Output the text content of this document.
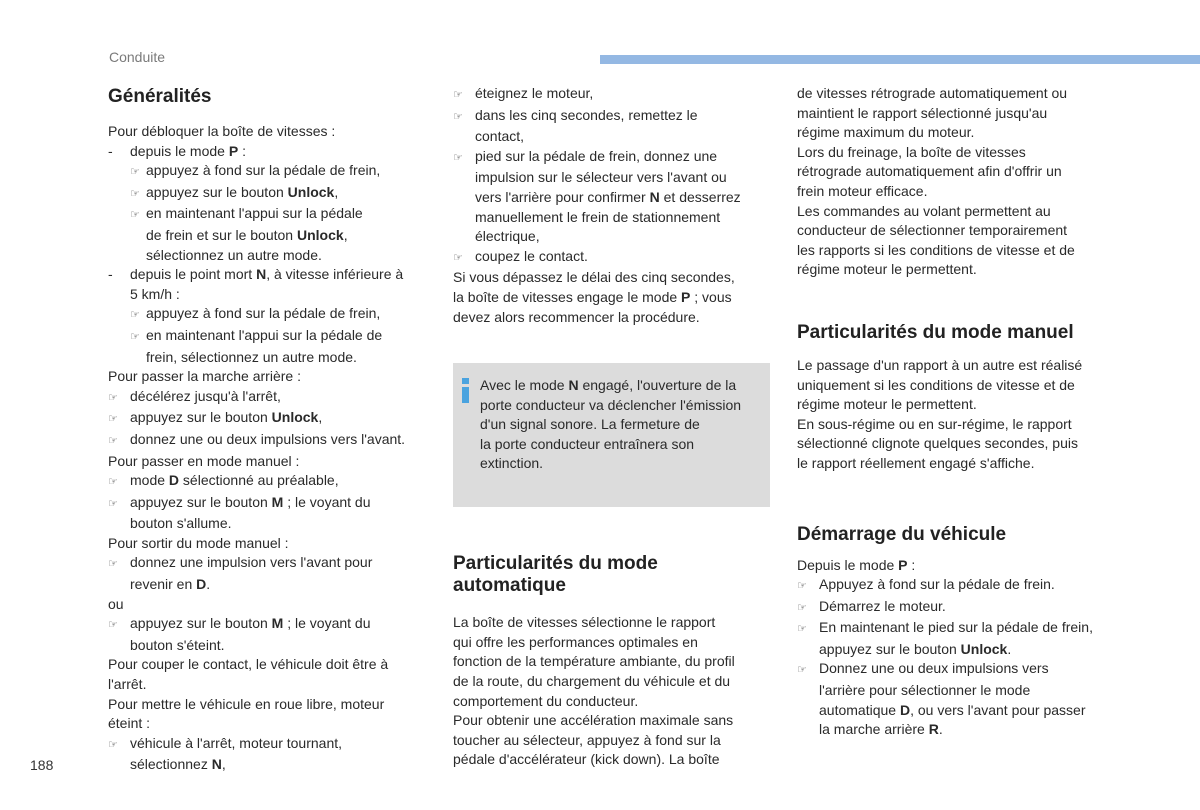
Conduite
Généralités
Pour débloquer la boîte de vitesses :
- depuis le mode P :
☞ appuyez à fond sur la pédale de frein,
☞ appuyez sur le bouton Unlock,
☞ en maintenant l'appui sur la pédale
de frein et sur le bouton Unlock,
sélectionnez un autre mode.
- depuis le point mort N, à vitesse inférieure à
5 km/h :
☞ appuyez à fond sur la pédale de frein,
☞ en maintenant l'appui sur la pédale de
frein, sélectionnez un autre mode.
Pour passer la marche arrière :
☞ décélérez jusqu'à l'arrêt,
☞ appuyez sur le bouton Unlock,
☞ donnez une ou deux impulsions vers l'avant.
Pour passer en mode manuel :
☞ mode D sélectionné au préalable,
☞ appuyez sur le bouton M ; le voyant du
bouton s'allume.
Pour sortir du mode manuel :
☞ donnez une impulsion vers l'avant pour
revenir en D.
ou
☞ appuyez sur le bouton M ; le voyant du
bouton s'éteint.
Pour couper le contact, le véhicule doit être à
l'arrêt.
Pour mettre le véhicule en roue libre, moteur
éteint :
☞ véhicule à l'arrêt, moteur tournant,
sélectionnez N,
☞ éteignez le moteur,
☞ dans les cinq secondes, remettez le
contact,
☞ pied sur la pédale de frein, donnez une
impulsion sur le sélecteur vers l'avant ou
vers l'arrière pour confirmer N et desserrez
manuellement le frein de stationnement
électrique,
☞ coupez le contact.
Si vous dépassez le délai des cinq secondes,
la boîte de vitesses engage le mode P ; vous
devez alors recommencer la procédure.
Particularités du mode
automatique
La boîte de vitesses sélectionne le rapport
qui offre les performances optimales en
fonction de la température ambiante, du profil
de la route, du chargement du véhicule et du
comportement du conducteur.
Pour obtenir une accélération maximale sans
toucher au sélecteur, appuyez à fond sur la
pédale d'accélérateur (kick down). La boîte
Avec le mode N engagé, l'ouverture de la
porte conducteur va déclencher l'émission
d'un signal sonore. La fermeture de
la porte conducteur entraînera son
extinction.
de vitesses rétrograde automatiquement ou
maintient le rapport sélectionné jusqu'au
régime maximum du moteur.
Lors du freinage, la boîte de vitesses
rétrograde automatiquement afin d'offrir un
frein moteur efficace.
Les commandes au volant permettent au
conducteur de sélectionner temporairement
les rapports si les conditions de vitesse et de
régime moteur le permettent.
Particularités du mode manuel
Le passage d'un rapport à un autre est réalisé
uniquement si les conditions de vitesse et de
régime moteur le permettent.
En sous-régime ou en sur-régime, le rapport
sélectionné clignote quelques secondes, puis
le rapport réellement engagé s'affiche.
Démarrage du véhicule
Depuis le mode P :
☞ Appuyez à fond sur la pédale de frein.
☞ Démarrez le moteur.
☞ En maintenant le pied sur la pédale de frein,
appuyez sur le bouton Unlock.
☞ Donnez une ou deux impulsions vers
l'arrière pour sélectionner le mode
automatique D, ou vers l'avant pour passer
la marche arrière R.
188
